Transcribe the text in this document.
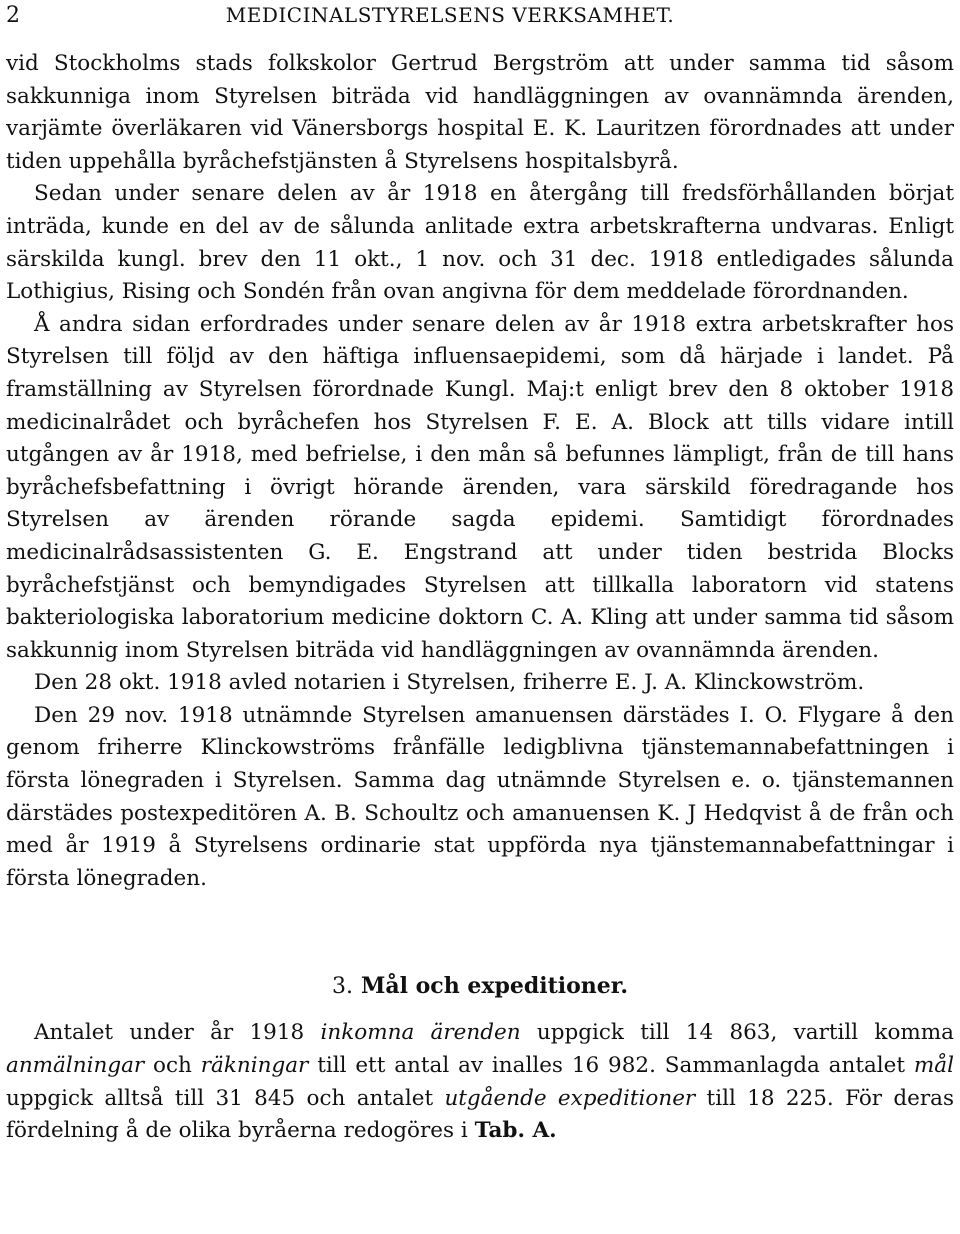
2	MEDICINALSTYRELSENS VERKSAMHET.

vid Stockholms stads folkskolor Gertrud Bergström att under samma tid såsom sakkunniga inom Styrelsen biträda vid handläggningen av ovannämnda ärenden, varjämte överläkaren vid Vänersborgs hospital E. K. Lauritzen förordnades att under tiden uppehålla byråchefstjänsten å Styrelsens hospitalsbyrå.

Sedan under senare delen av år 1918 en återgång till fredsförhållanden börjat inträda, kunde en del av de sålunda anlitade extra arbetskrafterna undvaras. Enligt särskilda kungl. brev den 11 okt., 1 nov. och 31 dec. 1918 entledigades sålunda Lothigius, Rising och Sondén från ovan angivna för dem meddelade förordnanden.

Å andra sidan erfordrades under senare delen av år 1918 extra arbetskrafter hos Styrelsen till följd av den häftiga influensaepidemi, som då härjade i landet. På framställning av Styrelsen förordnade Kungl. Maj:t enligt brev den 8 oktober 1918 medicinalrådet och byråchefen hos Styrelsen F. E. A. Block att tills vidare intill utgången av år 1918, med befrielse, i den mån så befunnes lämpligt, från de till hans byråchefsbefattning i övrigt hörande ärenden, vara särskild föredragande hos Styrelsen av ärenden rörande sagda epidemi. Samtidigt förordnades medicinalrådsassistenten G. E. Engstrand att under tiden bestrida Blocks byråchefstjänst och bemyndigades Styrelsen att tillkalla laboratorn vid statens bakteriologiska laboratorium medicine doktorn C. A. Kling att under samma tid såsom sakkunnig inom Styrelsen biträda vid handläggningen av ovannämnda ärenden.

Den 28 okt. 1918 avled notarien i Styrelsen, friherre E. J. A. Klinckowström.

Den 29 nov. 1918 utnämnde Styrelsen amanuensen därstädes I. O. Flygare å den genom friherre Klinckowströms frånfälle ledigblivna tjänstemannabefattningen i första lönegraden i Styrelsen. Samma dag utnämnde Styrelsen e. o. tjänstemannen därstädes postexpeditören A. B. Schoultz och amanuensen K. J Hedqvist å de från och med år 1919 å Styrelsens ordinarie stat uppförda nya tjänstemannabefattningar i första lönegraden.

3. Mål och expeditioner.

Antalet under år 1918 inkomna ärenden uppgick till 14 863, vartill komma anmälningar och räkningar till ett antal av inalles 16 982. Sammanlagda antalet mål uppgick alltså till 31 845 och antalet utgående expeditioner till 18 225. För deras fördelning å de olika byråerna redogöres i Tab. A.
